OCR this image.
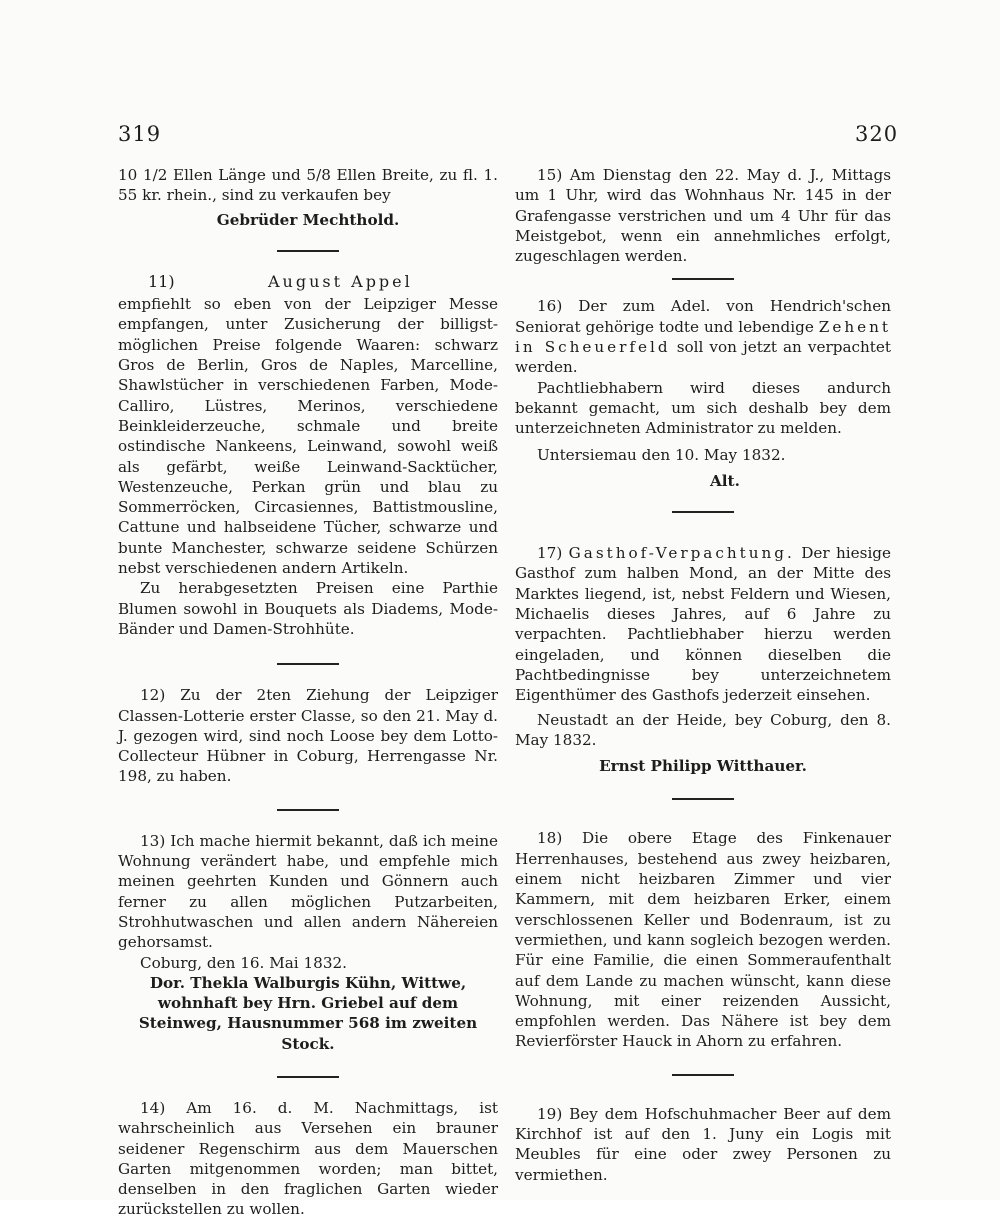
319	320

10 1/2 Ellen Länge und 5/8 Ellen Breite, zu fl. 1. 55 kr. rhein., sind zu verkaufen bey

Gebrüder Mechthold.

11)	August Appel

empfiehlt so eben von der Leipziger Messe empfangen, unter Zusicherung der billigst-möglichen Preise folgende Waaren: schwarz Gros de Berlin, Gros de Naples, Marcelline, Shawlstücher in verschiedenen Farben, Mode-Calliro, Lüstres, Merinos, verschiedene Beinkleiderzeuche, schmale und breite ostindische Nankeens, Leinwand, sowohl weiß als gefärbt, weiße Leinwand-Sacktücher, Westenzeuche, Perkan grün und blau zu Sommerröcken, Circasiennes, Battistmousline, Cattune und halbseidene Tücher, schwarze und bunte Manchester, schwarze seidene Schürzen nebst verschiedenen andern Artikeln.

Zu herabgesetzten Preisen eine Parthie Blumen sowohl in Bouquets als Diadems, Mode-Bänder und Damen-Strohhüte.

12) Zu der 2ten Ziehung der Leipziger Classen-Lotterie erster Classe, so den 21. May d. J. gezogen wird, sind noch Loose bey dem Lotto-Collecteur Hübner in Coburg, Herrengasse Nr. 198, zu haben.

13) Ich mache hiermit bekannt, daß ich meine Wohnung verändert habe, und empfehle mich meinen geehrten Kunden und Gönnern auch ferner zu allen möglichen Putzarbeiten, Strohhutwaschen und allen andern Nähereien gehorsamst.

Coburg, den 16. Mai 1832.

Dor. Thekla Walburgis Kühn, Wittwe, wohnhaft bey Hrn. Griebel auf dem Steinweg, Hausnummer 568 im zweiten Stock.

14) Am 16. d. M. Nachmittags, ist wahrscheinlich aus Versehen ein brauner seidener Regenschirm aus dem Mauerschen Garten mitgenommen worden; man bittet, denselben in den fraglichen Garten wieder zurückstellen zu wollen.

15) Am Dienstag den 22. May d. J., Mittags um 1 Uhr, wird das Wohnhaus Nr. 145 in der Grafengasse verstrichen und um 4 Uhr für das Meistgebot, wenn ein annehmliches erfolgt, zugeschlagen werden.

16) Der zum Adel. von Hendrich'schen Seniorat gehörige todte und lebendige Zehent in Scheuerfeld soll von jetzt an verpachtet werden.

Pachtliebhabern wird dieses andurch bekannt gemacht, um sich deshalb bey dem unterzeichneten Administrator zu melden.

Untersiemau den 10. May 1832.

Alt.

17) Gasthof-Verpachtung. Der hiesige Gasthof zum halben Mond, an der Mitte des Marktes liegend, ist, nebst Feldern und Wiesen, Michaelis dieses Jahres, auf 6 Jahre zu verpachten. Pachtliebhaber hierzu werden eingeladen, und können dieselben die Pachtbedingnisse bey unterzeichnetem Eigenthümer des Gasthofs jederzeit einsehen.

Neustadt an der Heide, bey Coburg, den 8. May 1832.

Ernst Philipp Witthauer.

18) Die obere Etage des Finkenauer Herrenhauses, bestehend aus zwey heizbaren, einem nicht heizbaren Zimmer und vier Kammern, mit dem heizbaren Erker, einem verschlossenen Keller und Bodenraum, ist zu vermiethen, und kann sogleich bezogen werden. Für eine Familie, die einen Sommeraufenthalt auf dem Lande zu machen wünscht, kann diese Wohnung, mit einer reizenden Aussicht, empfohlen werden. Das Nähere ist bey dem Revierförster Hauck in Ahorn zu erfahren.

19) Bey dem Hofschuhmacher Beer auf dem Kirchhof ist auf den 1. Juny ein Logis mit Meubles für eine oder zwey Personen zu vermiethen.
